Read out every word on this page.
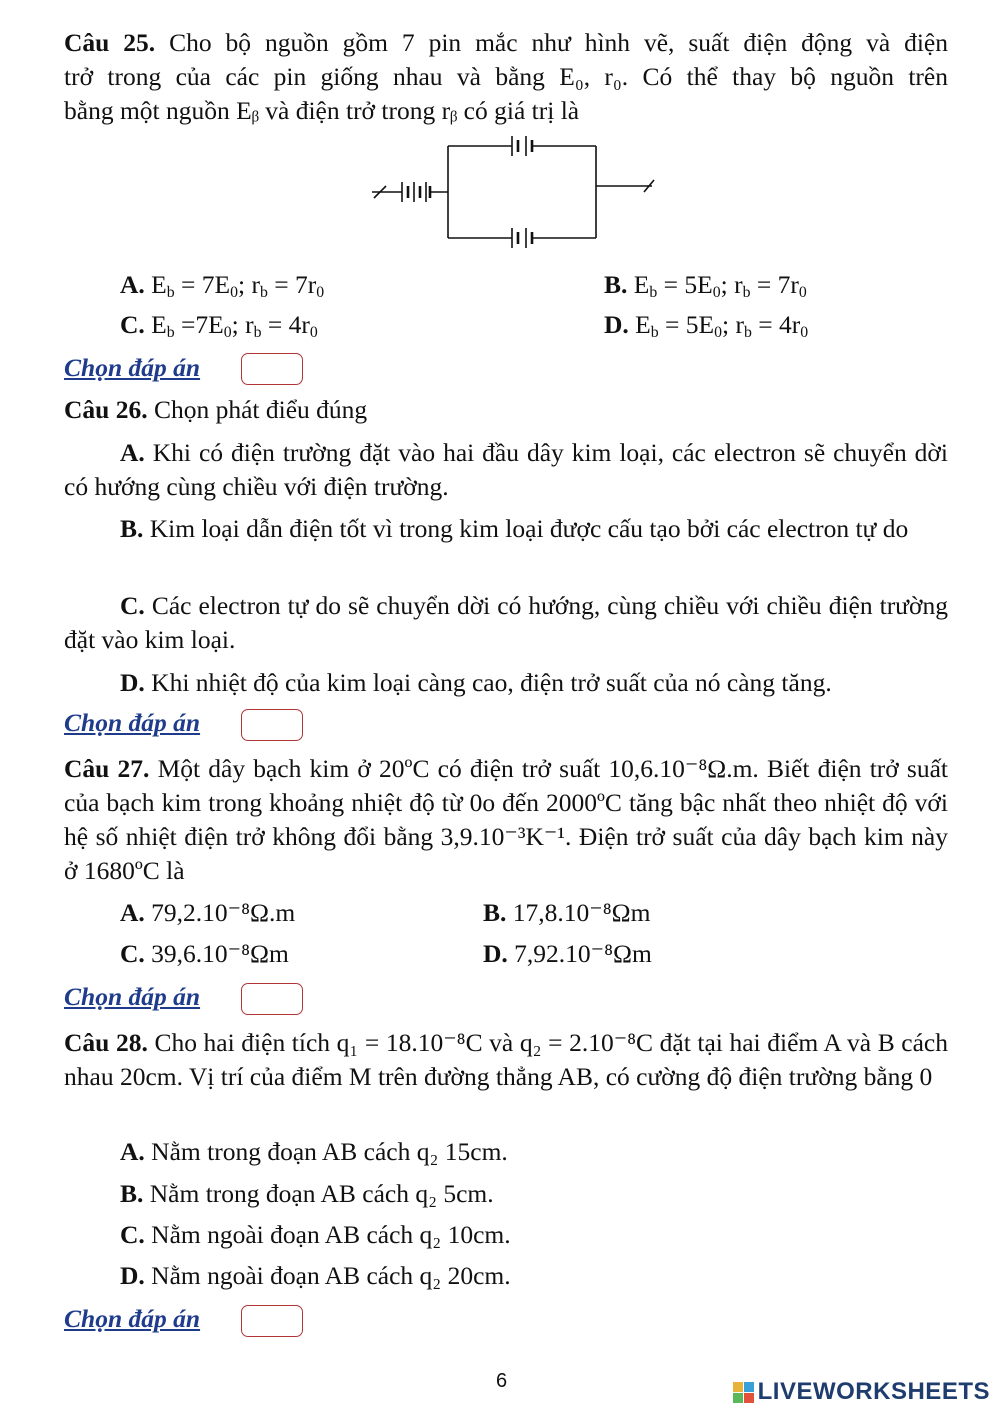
Câu 25. Cho bộ nguồn gồm 7 pin mắc như hình vẽ, suất điện động và điện

trở trong của các pin giống nhau và bằng E₀, r₀. Có thể thay bộ nguồn trên

bằng một nguồn Eᵦ và điện trở trong rᵦ có giá trị là

A. $E_b = 7E_0$; $r_b = 7r_0$	B. $E_b = 5E_0$; $r_b = 7r_0$
C. $E_b =7E_0$; $r_b = 4r_0$	D. $E_b = 5E_0$; $r_b = 4r_0$
Chọn đáp án

Câu 26. Chọn phát điểu đúng

A. Khi có điện trường đặt vào hai đầu dây kim loại, các electron sẽ chuyển dời có hướng cùng chiều với điện trường.

B. Kim loại dẫn điện tốt vì trong kim loại được cấu tạo bởi các electron tự do

C. Các electron tự do sẽ chuyển dời có hướng, cùng chiều với chiều điện trường đặt vào kim loại.

D. Khi nhiệt độ của kim loại càng cao, điện trở suất của nó càng tăng.

Chọn đáp án

Câu 27. Một dây bạch kim ở 20ºC có điện trở suất 10,6.10⁻⁸Ω.m. Biết điện trở suất của bạch kim trong khoảng nhiệt độ từ 0o đến 2000ºC tăng bậc nhất theo nhiệt độ với hệ số nhiệt điện trở không đổi bằng 3,9.10⁻³K⁻¹. Điện trở suất của dây bạch kim này ở 1680ºC là

A. 79,2.10⁻⁸Ω.m	B. 17,8.10⁻⁸Ωm
C. 39,6.10⁻⁸Ωm	D. 7,92.10⁻⁸Ωm
Chọn đáp án

Câu 28. Cho hai điện tích q₁ = 18.10⁻⁸C và q₂ = 2.10⁻⁸C đặt tại hai điểm A và B cách nhau 20cm. Vị trí của điểm M trên đường thẳng AB, có cường độ điện trường bằng 0

A. Nằm trong đoạn AB cách q₂ 15cm.
B. Nằm trong đoạn AB cách q₂ 5cm.
C. Nằm ngoài đoạn AB cách q₂ 10cm.
D. Nằm ngoài đoạn AB cách q₂ 20cm.
Chọn đáp án
6	LIVEWORKSHEETS
